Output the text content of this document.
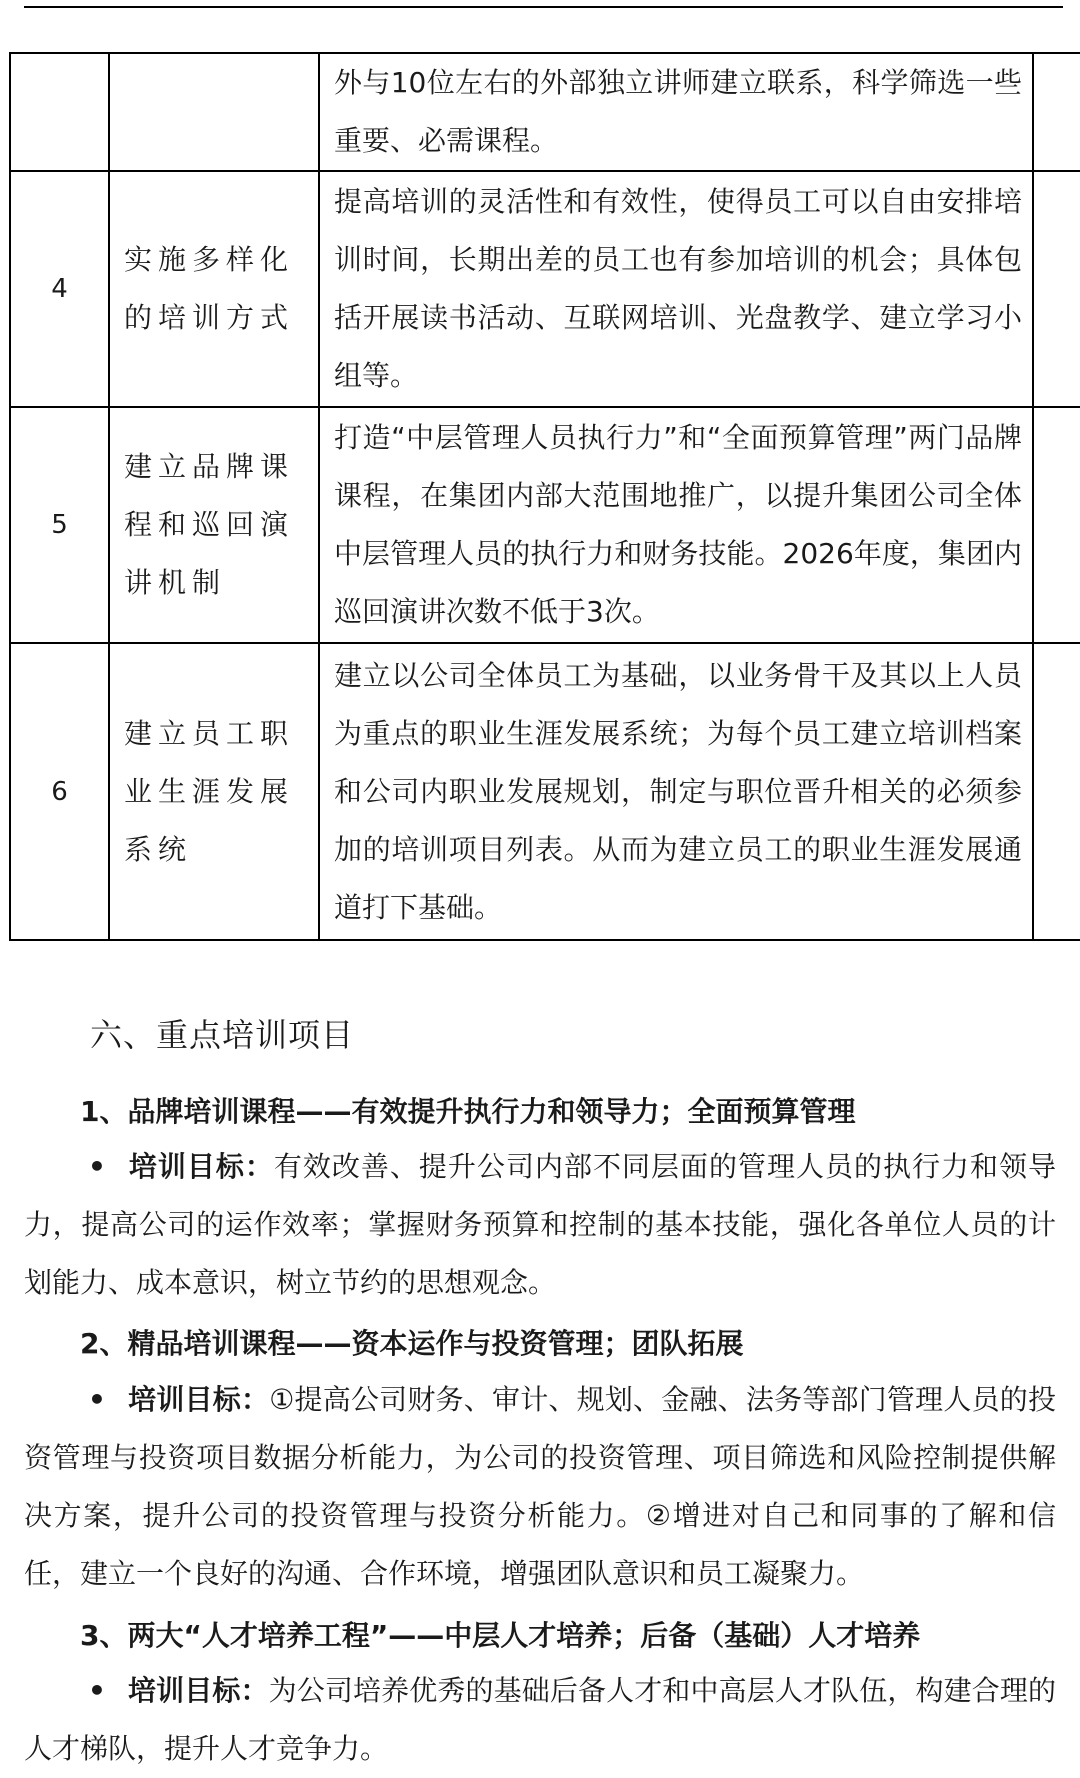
		外与10位左右的外部独立讲师建立联系，科学筛选一些重要、必需课程。	
4	实施多样化的培训方式	提高培训的灵活性和有效性，使得员工可以自由安排培训时间，长期出差的员工也有参加培训的机会；具体包括开展读书活动、互联网培训、光盘教学、建立学习小组等。	
5	建立品牌课程和巡回演讲机制	打造“中层管理人员执行力”和“全面预算管理”两门品牌课程，在集团内部大范围地推广，以提升集团公司全体中层管理人员的执行力和财务技能。2026年度，集团内巡回演讲次数不低于3次。	
6	建立员工职业生涯发展系统	建立以公司全体员工为基础，以业务骨干及其以上人员为重点的职业生涯发展系统；为每个员工建立培训档案和公司内职业发展规划，制定与职位晋升相关的必须参加的培训项目列表。从而为建立员工的职业生涯发展通道打下基础。	
六、重点培训项目
1、品牌培训课程——有效提升执行力和领导力；全面预算管理

• 培训目标：有效改善、提升公司内部不同层面的管理人员的执行力和领导力，提高公司的运作效率；掌握财务预算和控制的基本技能，强化各单位人员的计划能力、成本意识，树立节约的思想观念。

2、精品培训课程——资本运作与投资管理；团队拓展

• 培训目标：①提高公司财务、审计、规划、金融、法务等部门管理人员的投资管理与投资项目数据分析能力，为公司的投资管理、项目筛选和风险控制提供解决方案，提升公司的投资管理与投资分析能力。②增进对自己和同事的了解和信任，建立一个良好的沟通、合作环境，增强团队意识和员工凝聚力。

3、两大“人才培养工程”——中层人才培养；后备（基础）人才培养

• 培训目标：为公司培养优秀的基础后备人才和中高层人才队伍，构建合理的人才梯队，提升人才竞争力。
